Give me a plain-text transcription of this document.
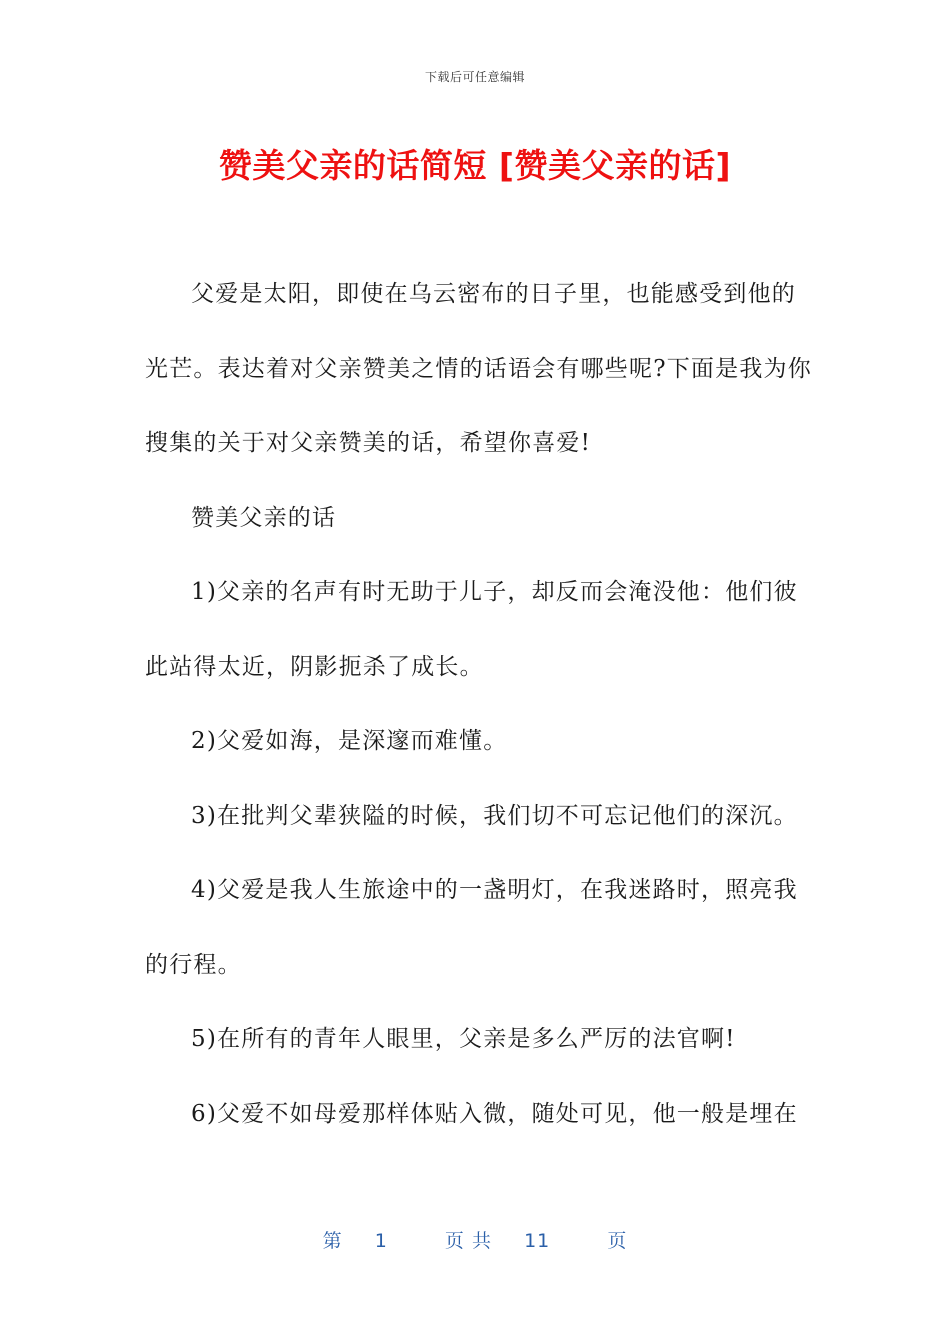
下载后可任意编辑
赞美父亲的话简短 [赞美父亲的话]
父爱是太阳，即使在乌云密布的日子里，也能感受到他的
光芒。表达着对父亲赞美之情的话语会有哪些呢?下面是我为你
搜集的关于对父亲赞美的话，希望你喜爱!
赞美父亲的话
1)父亲的名声有时无助于儿子，却反而会淹没他：他们彼
此站得太近，阴影扼杀了成长。
2)父爱如海，是深邃而难懂。
3)在批判父辈狭隘的时候，我们切不可忘记他们的深沉。
4)父爱是我人生旅途中的一盏明灯，在我迷路时，照亮我
的行程。
5)在所有的青年人眼里，父亲是多么严厉的法官啊!
6)父爱不如母爱那样体贴入微，随处可见，他一般是埋在
第 1	页 共 11	页
